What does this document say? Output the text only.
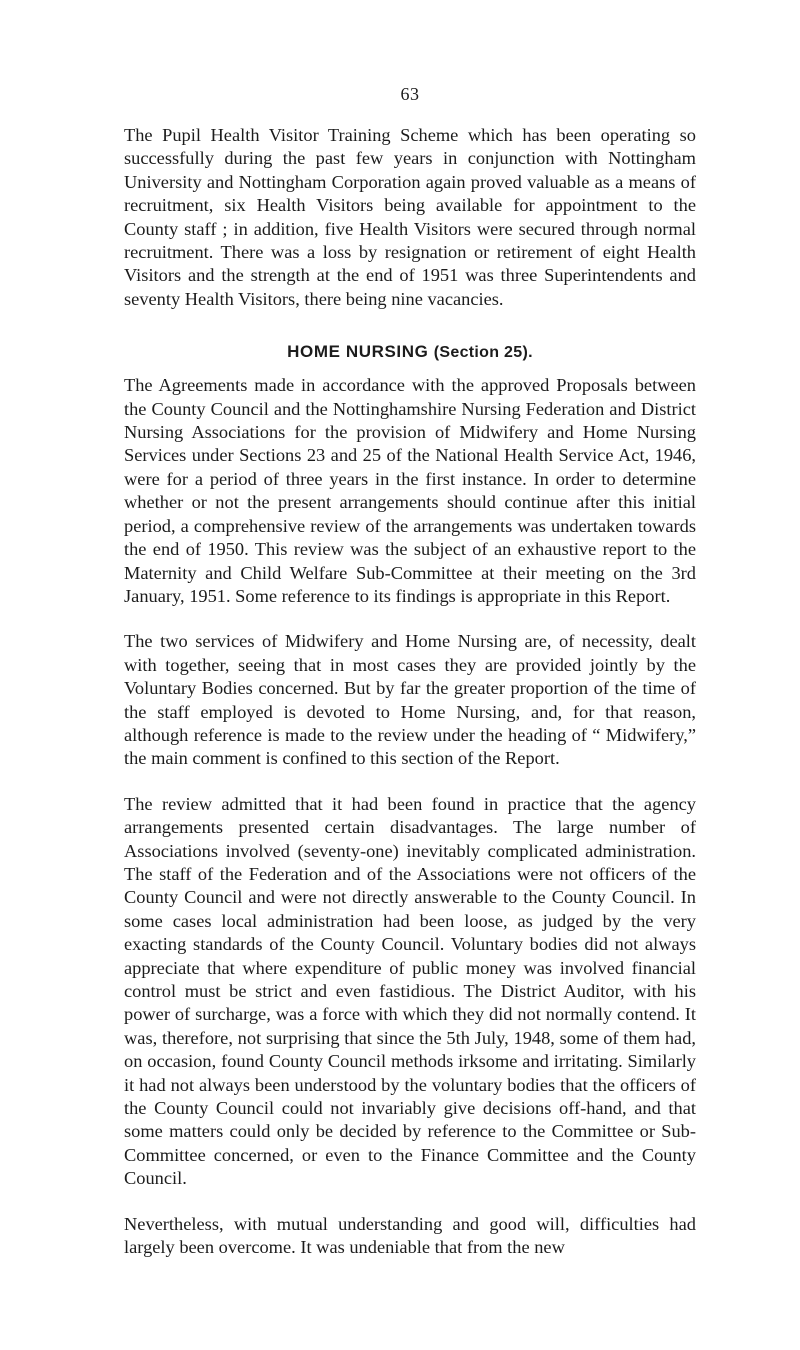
63

The Pupil Health Visitor Training Scheme which has been operating so successfully during the past few years in conjunction with Nottingham University and Nottingham Corporation again proved valuable as a means of recruitment, six Health Visitors being available for appointment to the County staff ; in addition, five Health Visitors were secured through normal recruitment. There was a loss by resignation or retirement of eight Health Visitors and the strength at the end of 1951 was three Superintendents and seventy Health Visitors, there being nine vacancies.

HOME NURSING (Section 25).

The Agreements made in accordance with the approved Proposals between the County Council and the Nottinghamshire Nursing Federation and District Nursing Associations for the provision of Midwifery and Home Nursing Services under Sections 23 and 25 of the National Health Service Act, 1946, were for a period of three years in the first instance. In order to determine whether or not the present arrangements should continue after this initial period, a comprehensive review of the arrangements was undertaken towards the end of 1950. This review was the subject of an exhaustive report to the Maternity and Child Welfare Sub-Committee at their meeting on the 3rd January, 1951. Some reference to its findings is appropriate in this Report.

The two services of Midwifery and Home Nursing are, of necessity, dealt with together, seeing that in most cases they are provided jointly by the Voluntary Bodies concerned. But by far the greater proportion of the time of the staff employed is devoted to Home Nursing, and, for that reason, although reference is made to the review under the heading of “ Midwifery,” the main comment is confined to this section of the Report.

The review admitted that it had been found in practice that the agency arrangements presented certain disadvantages. The large number of Associations involved (seventy-one) inevitably complicated administration. The staff of the Federation and of the Associations were not officers of the County Council and were not directly answerable to the County Council. In some cases local administration had been loose, as judged by the very exacting standards of the County Council. Voluntary bodies did not always appreciate that where expenditure of public money was involved financial control must be strict and even fastidious. The District Auditor, with his power of surcharge, was a force with which they did not normally contend. It was, therefore, not surprising that since the 5th July, 1948, some of them had, on occasion, found County Council methods irksome and irritating. Similarly it had not always been understood by the voluntary bodies that the officers of the County Council could not invariably give decisions off-hand, and that some matters could only be decided by reference to the Committee or Sub-Committee concerned, or even to the Finance Committee and the County Council.

Nevertheless, with mutual understanding and good will, difficulties had largely been overcome. It was undeniable that from the new
